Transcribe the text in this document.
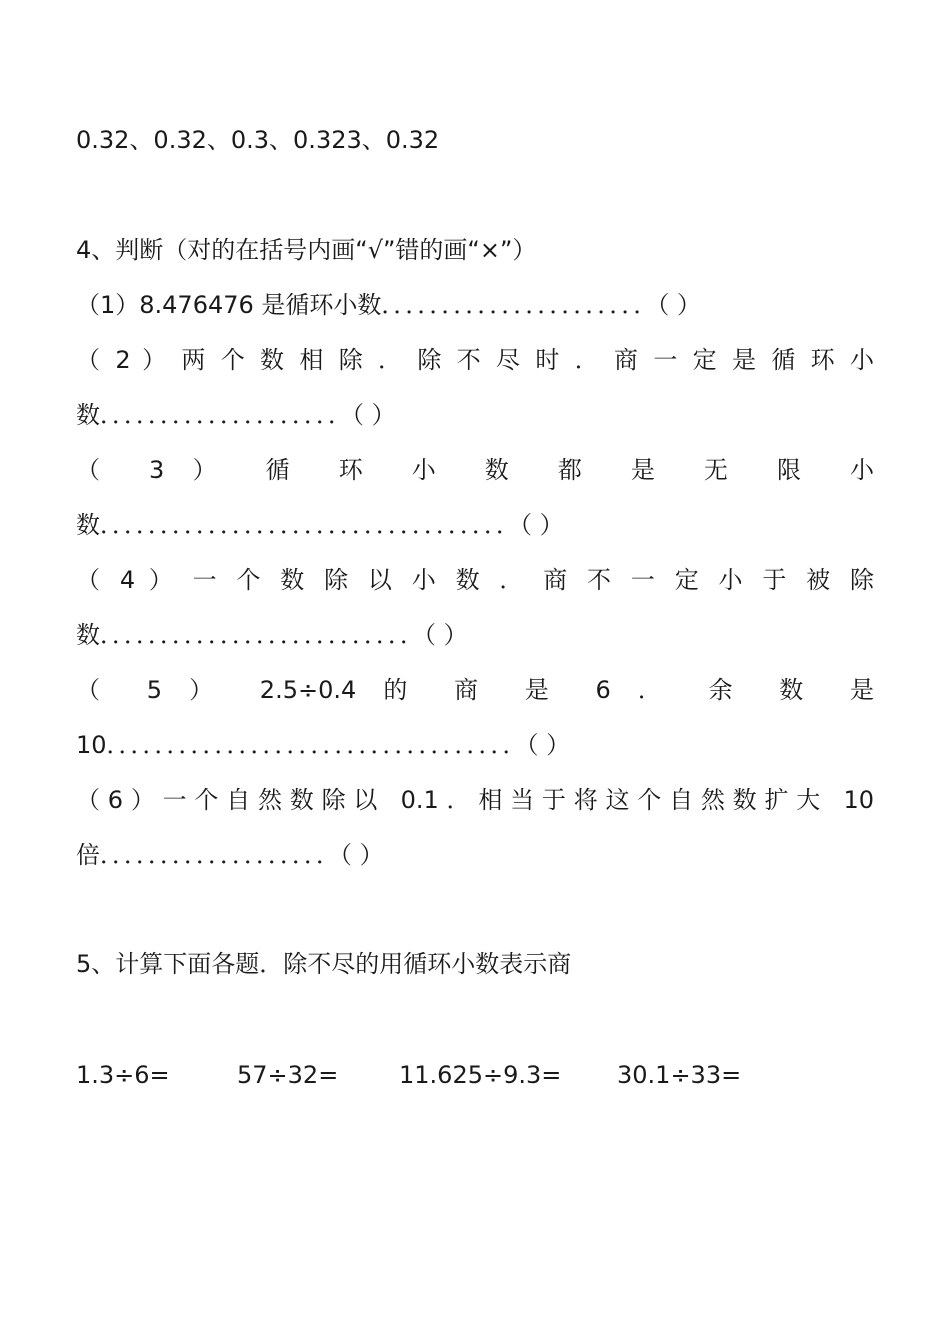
0.32、0.32、0.3、0.323、0.32
4、判断（对的在括号内画“√”错的画“×”）
（1）8.476476 是循环小数．．．．．．．．．．．．．．．．．．．．．．（ ）
（ 2 ） 两 个 数 相 除 ． 除 不 尽 时 ． 商 一 定 是 循 环 小
数．．．．．．．．．．．．．．．．．．．．（ ）
（ 3 ） 循 环 小 数 都 是 无 限 小
数．．．．．．．．．．．．．．．．．．．．．．．．．．．．．．．．．．（ ）
（ 4 ） 一 个 数 除 以 小 数 ． 商 不 一 定 小 于 被 除
数．．．．．．．．．．．．．．．．．．．．．．．．．．（ ）
（ 5 ） 2.5÷0.4 的 商 是 6 ． 余 数 是
10．．．．．．．．．．．．．．．．．．．．．．．．．．．．．．．．．．（ ）
（6）一个自然数除以 0.1．相当于将这个自然数扩大 10
倍．．．．．．．．．．．．．．．．．．．（ ）
5、计算下面各题．除不尽的用循环小数表示商
1.3÷6=	57÷32=	11.625÷9.3= 30.1÷33=
